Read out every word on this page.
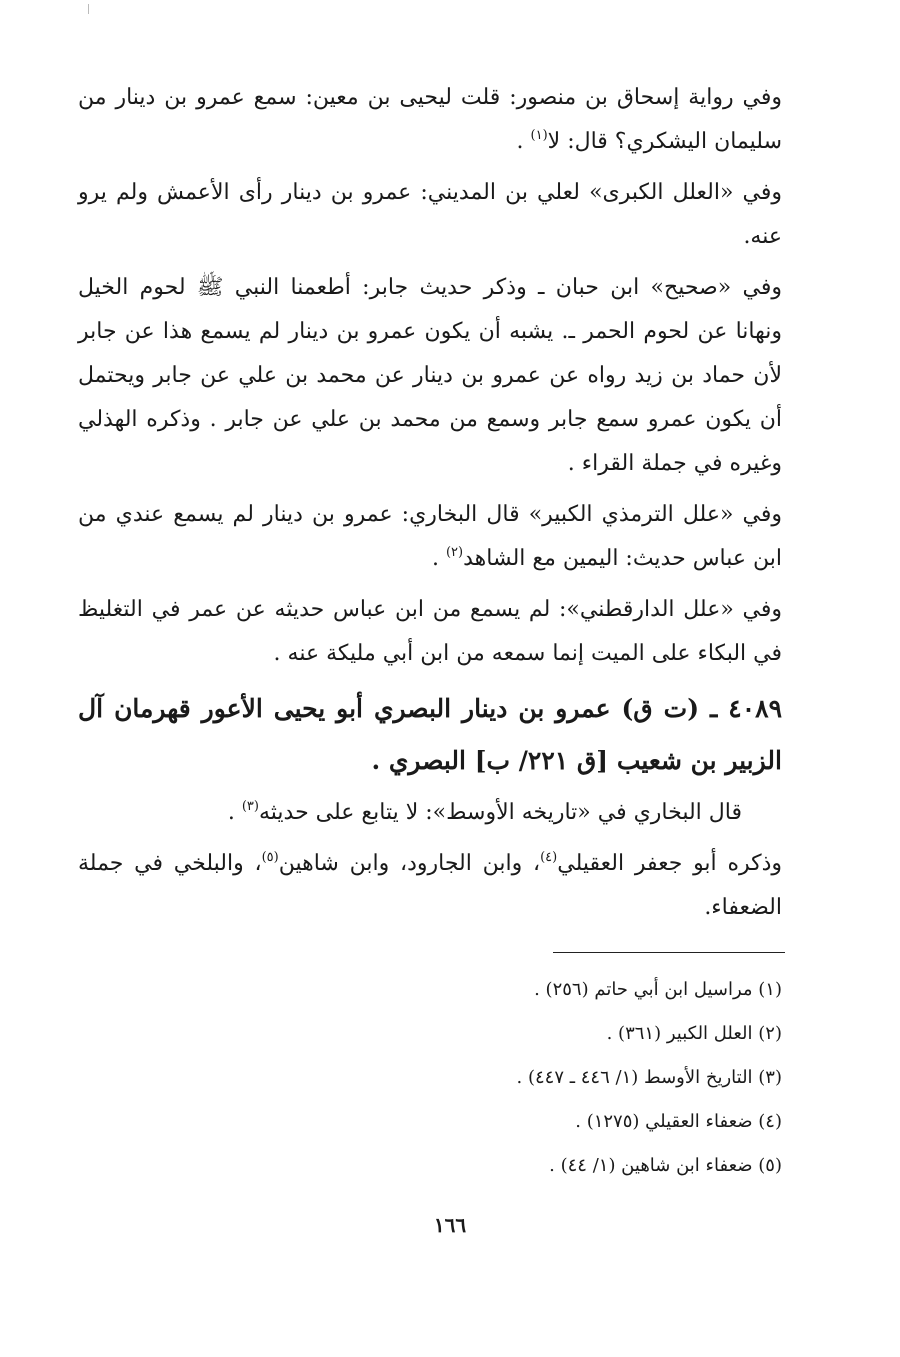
وفي رواية إسحاق بن منصور: قلت ليحيى بن معين: سمع عمرو بن دينار من سليمان اليشكري؟ قال: لا$^{(١)}$ .

وفي «العلل الكبرى» لعلي بن المديني: عمرو بن دينار رأى الأعمش ولم يرو عنه.

وفي «صحيح» ابن حبان ـ وذكر حديث جابر: أطعمنا النبي ﷺ لحوم الخيل ونهانا عن لحوم الحمر ـ. يشبه أن يكون عمرو بن دينار لم يسمع هذا عن جابر لأن حماد بن زيد رواه عن عمرو بن دينار عن محمد بن علي عن جابر ويحتمل أن يكون عمرو سمع جابر وسمع من محمد بن علي عن جابر . وذكره الهذلي وغيره في جملة القراء .

وفي «علل الترمذي الكبير» قال البخاري: عمرو بن دينار لم يسمع عندي من ابن عباس حديث: اليمين مع الشاهد$^{(٢)}$ .

وفي «علل الدارقطني»: لم يسمع من ابن عباس حديثه عن عمر في التغليظ في البكاء على الميت إنما سمعه من ابن أبي مليكة عنه .

٤٠٨٩ ـ (ت ق) عمرو بن دينار البصري أبو يحيى الأعور قهرمان آل الزبير بن شعيب [ق ٢٢١/ ب] البصري .

قال البخاري في «تاريخه الأوسط»: لا يتابع على حديثه$^{(٣)}$ .

وذكره أبو جعفر العقيلي$^{(٤)}$، وابن الجارود، وابن شاهين$^{(٥)}$، والبلخي في جملة الضعفاء.

(١) مراسيل ابن أبي حاتم (٢٥٦) .

(٢) العلل الكبير (٣٦١) .

(٣) التاريخ الأوسط (١/ ٤٤٦ ـ ٤٤٧) .

(٤) ضعفاء العقيلي (١٢٧٥) .

(٥) ضعفاء ابن شاهين (١/ ٤٤) .

١٦٦
